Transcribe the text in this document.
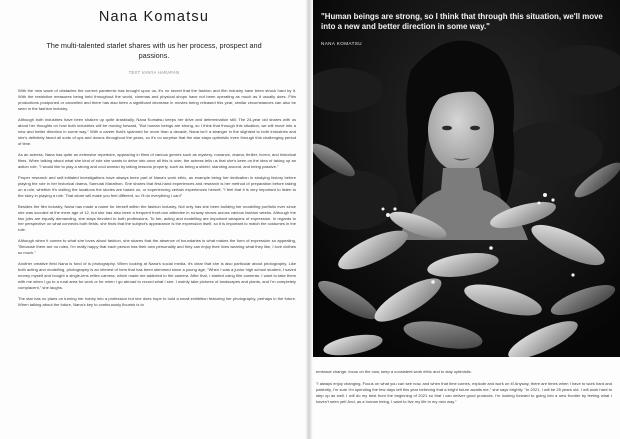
Nana Komatsu
The multi-talented starlet shares with us her process, prospect and passions.
TEXT VANYA HARAPAN

With the new wave of obstacles the current pandemic has brought upon us, it's no secret that the fashion and film industry have been struck hard by it. With the restrictive measures being held throughout the world, cinemas and physical shops have not been operating as much as it usually does. Film productions postponed or cancelled and there has also been a significant decrease in movies being released this year, similar circumstances can also be seen in the fashion industry.

Although both industries have been shaken up quite drastically, Nana Komatsu keeps her drive and determination still. The 24-year old shares with us about her thoughts on how both industries will be moving forward, "But human beings are strong, so I think that through this situation, we will move into a new and better direction in some way." With a career that's spanned for more than a decade, Nana isn't a stranger in the slightest to both industries and she's definitely faced all sorts of ups and downs throughout the years, so it's no surprise that the star stays optimistic even through this challenging period of time.

As an actress, Nana has quite an extensive repertoire, appearing in films of various genres such as mystery, romance, drama, thriller, horror, and historical films. When talking about what she kind of role she wants to delve into once all this is over, the actress tells us that she's keen on the idea of taking up an action role, "I would like to play a strong and cool woman by taking lessons properly, such as being a shield, standing around, and being passive."

Proper research and self-initiated investigations have always been part of Nana's work ethic, an example being her dedication in studying history before playing the role in her historical drama, Samurai Marathon. She shares that first-hand experiences and research is her method of preparation before taking on a role, whether it's visiting the locations the stories are based on, or experiencing certain experiences herself, "I feel that it is very important to listen to the story in playing a role. That alone will make you feel different, so I'll do everything I can!"

Besides the film industry, Nana has made a name for herself within the fashion industry. Not only has she been building her modelling portfolio ever since she was scouted at the mere age of 12, but she has also been a frequent front-row attendee in runway shows across various fashion weeks. Although the two jobs are equally demanding, she stays devoted to both professions. To her, acting and modelling are important weapons of expression. In regards to her perspective on what connects both fields, she finds that the subject's appearance is the expression itself, so it is important to match the costumes in the role.

Although when it comes to what she loves about fashion, she shares that the absence of boundaries is what makes the form of expression so appealing, "Because there are no rules, I'm really happy that each person has their own personality and they can enjoy their lives wearing what they like, I love clothes so much."

Another creative field Nana is fond of is photography. When looking at Nana's social media, it's clear that she is also particular about photography. Like both acting and modelling, photography is an interest of hers that has been stemmed since a young age, "When I was a junior high school student, I saved money myself and bought a single-lens reflex camera, which made me addicted to the camera. After that, I started using film cameras. I want to take them with me when I go to a rural area for work or for when I go abroad to record what I see. I mainly take pictures of landscapes and plants, and I'm completely complacent," she laughs.

The star has no plans on turning her hobby into a profession but she does hope to hold a small exhibition featuring her photography, perhaps in the future. When talking about the future, Nana's key to continuously flourish is to

"Human beings are strong, so I think that through this situation, we'll move into a new and better direction in some way."
NANA KOMATSU

embrace change, focus on the now, keep a consistent work ethic and to stay optimistic.

"I always enjoy changing. Focus on what you can see now, and when that time comes, explode and work on it! Anyway, there are times when I have to work hard and patiently, I'm sure I'm spending the few days left this year believing that a bright future awaits me," she says brightly. "In 2021, I will be 25 years old. I will work hard to step up as well. I will do my best from the beginning of 2021 so that I can deliver good products. I'm looking forward to going into a new frontier by feeling what I haven't seen yet! And, as a human being, I want to live my life in my own way."
